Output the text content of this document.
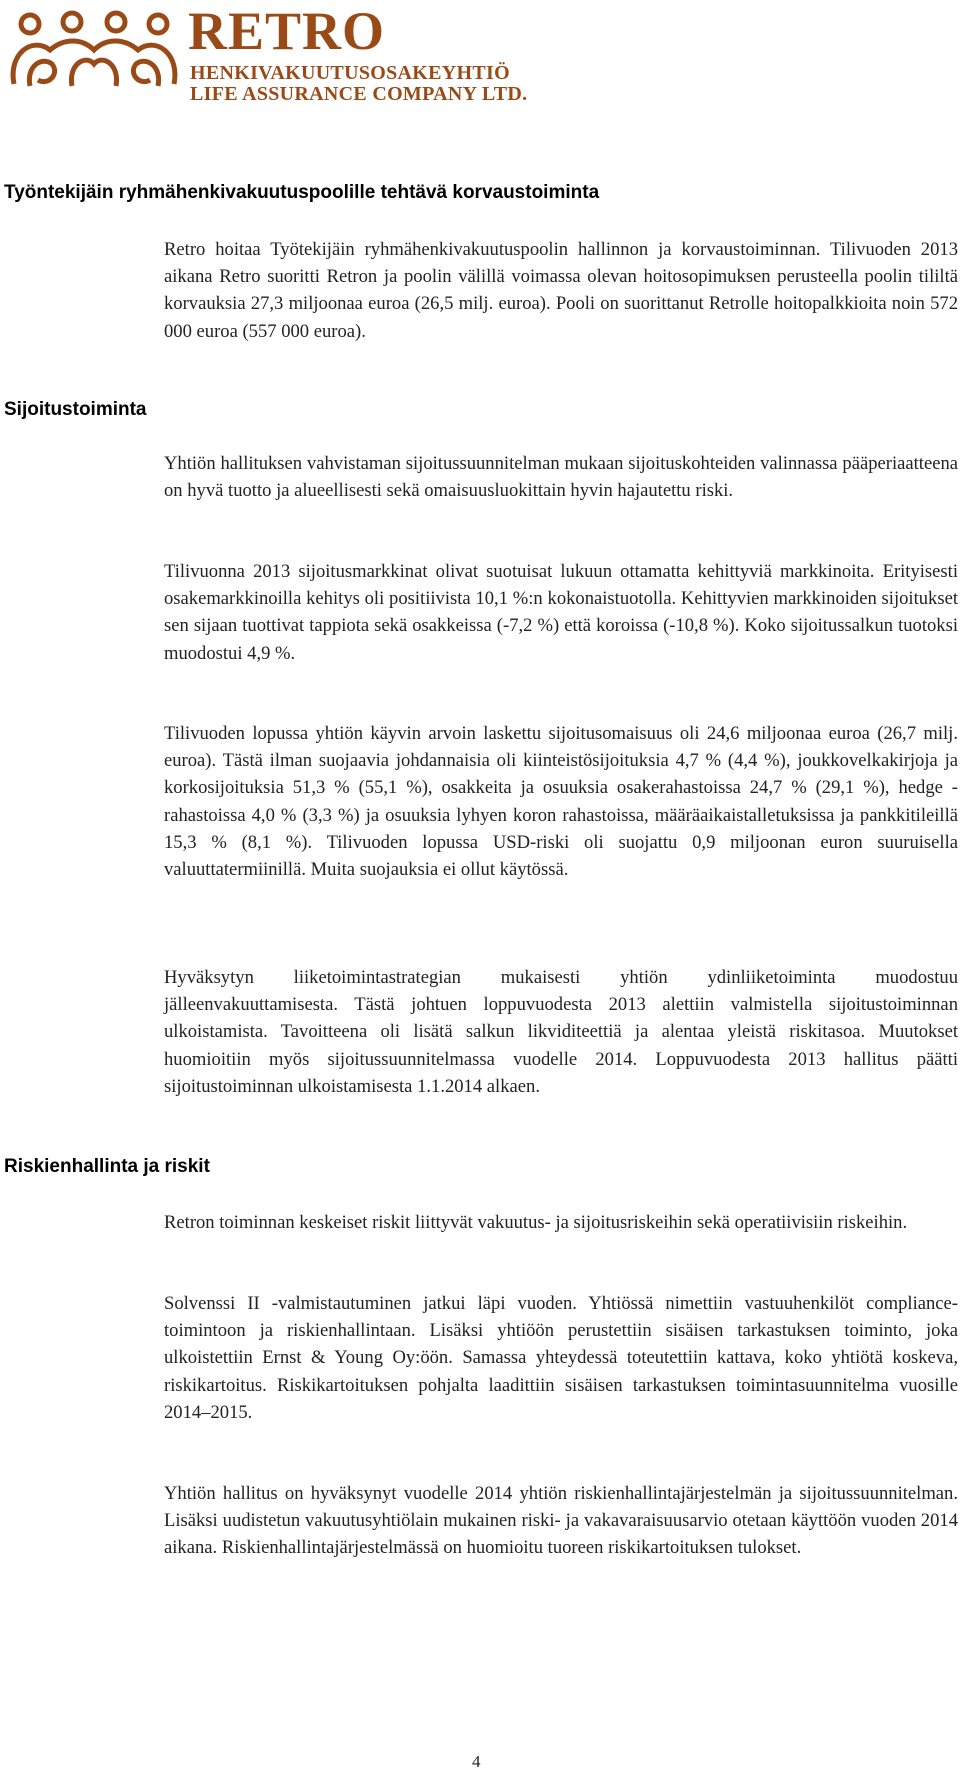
RETRO
HENKIVAKUUTUSOSAKEYHTIÖ
LIFE ASSURANCE COMPANY LTD.
Työntekijäin ryhmähenkivakuutuspoolille tehtävä korvaustoiminta

Retro hoitaa Työtekijäin ryhmähenkivakuutuspoolin hallinnon ja korvaustoiminnan. Tilivuoden 2013 aikana Retro suoritti Retron ja poolin välillä voimassa olevan hoitosopimuksen perusteella poolin tililtä korvauksia 27,3 miljoonaa euroa (26,5 milj. euroa). Pooli on suorittanut Retrolle hoitopalkkioita noin 572 000 euroa (557 000 euroa).

Sijoitustoiminta

Yhtiön hallituksen vahvistaman sijoitussuunnitelman mukaan sijoituskohteiden valinnassa pääperiaatteena on hyvä tuotto ja alueellisesti sekä omaisuusluokittain hyvin hajautettu riski.

Tilivuonna 2013 sijoitusmarkkinat olivat suotuisat lukuun ottamatta kehittyviä markkinoita. Erityisesti osakemarkkinoilla kehitys oli positiivista 10,1 %:n kokonaistuotolla. Kehittyvien markkinoiden sijoitukset sen sijaan tuottivat tappiota sekä osakkeissa (-7,2 %) että koroissa (-10,8 %). Koko sijoitussalkun tuotoksi muodostui 4,9 %.

Tilivuoden lopussa yhtiön käyvin arvoin laskettu sijoitusomaisuus oli 24,6 miljoonaa euroa (26,7 milj. euroa). Tästä ilman suojaavia johdannaisia oli kiinteistösijoituksia 4,7 % (4,4 %), joukkovelkakirjoja ja korkosijoituksia 51,3 % (55,1 %), osakkeita ja osuuksia osakerahastoissa 24,7 % (29,1 %), hedge - rahastoissa 4,0 % (3,3 %) ja osuuksia lyhyen koron rahastoissa, määräaikaistalletuksissa ja pankkitileillä 15,3 % (8,1 %). Tilivuoden lopussa USD-riski oli suojattu 0,9 miljoonan euron suuruisella valuuttatermiinillä. Muita suojauksia ei ollut käytössä.

Hyväksytyn liiketoimintastrategian mukaisesti yhtiön ydinliiketoiminta muodostuu jälleenvakuuttamisesta. Tästä johtuen loppuvuodesta 2013 alettiin valmistella sijoitustoiminnan ulkoistamista. Tavoitteena oli lisätä salkun likviditeettiä ja alentaa yleistä riskitasoa. Muutokset huomioitiin myös sijoitussuunnitelmassa vuodelle 2014. Loppuvuodesta 2013 hallitus päätti sijoitustoiminnan ulkoistamisesta 1.1.2014 alkaen.

Riskienhallinta ja riskit

Retron toiminnan keskeiset riskit liittyvät vakuutus- ja sijoitusriskeihin sekä operatiivisiin riskeihin.

Solvenssi II -valmistautuminen jatkui läpi vuoden. Yhtiössä nimettiin vastuuhenkilöt compliance-toimintoon ja riskienhallintaan. Lisäksi yhtiöön perustettiin sisäisen tarkastuksen toiminto, joka ulkoistettiin Ernst & Young Oy:öön. Samassa yhteydessä toteutettiin kattava, koko yhtiötä koskeva, riskikartoitus. Riskikartoituksen pohjalta laadittiin sisäisen tarkastuksen toimintasuunnitelma vuosille 2014–2015.

Yhtiön hallitus on hyväksynyt vuodelle 2014 yhtiön riskienhallintajärjestelmän ja sijoitussuunnitelman. Lisäksi uudistetun vakuutusyhtiölain mukainen riski- ja vakavaraisuusarvio otetaan käyttöön vuoden 2014 aikana. Riskienhallintajärjestelmässä on huomioitu tuoreen riskikartoituksen tulokset.

4
